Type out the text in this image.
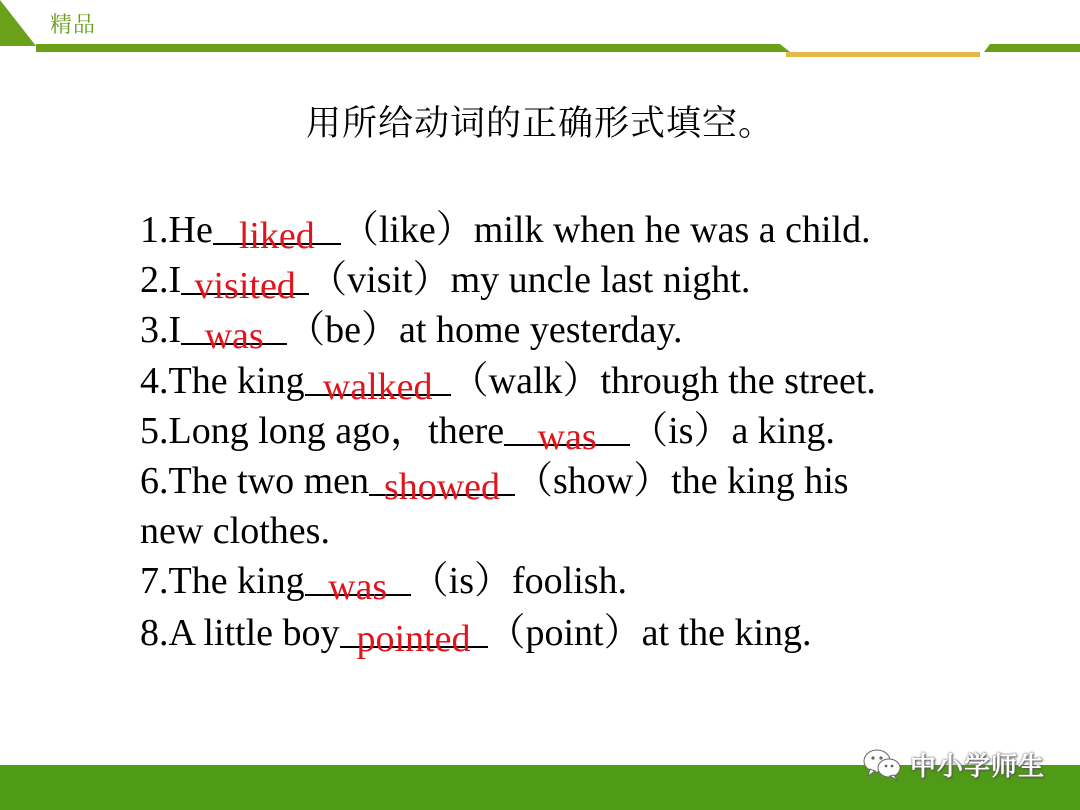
精品
用所给动词的正确形式填空。
1.He liked （like）milk when he was a child.
2.I visited （visit）my uncle last night.
3.I was （be）at home yesterday.
4.The king walked （walk）through the street.
5.Long long ago，there was （is）a king.
6.The two men showed （show）the king his
new clothes.
7.The king was （is）foolish.
8.A little boy pointed （point）at the king.
中小学师生
